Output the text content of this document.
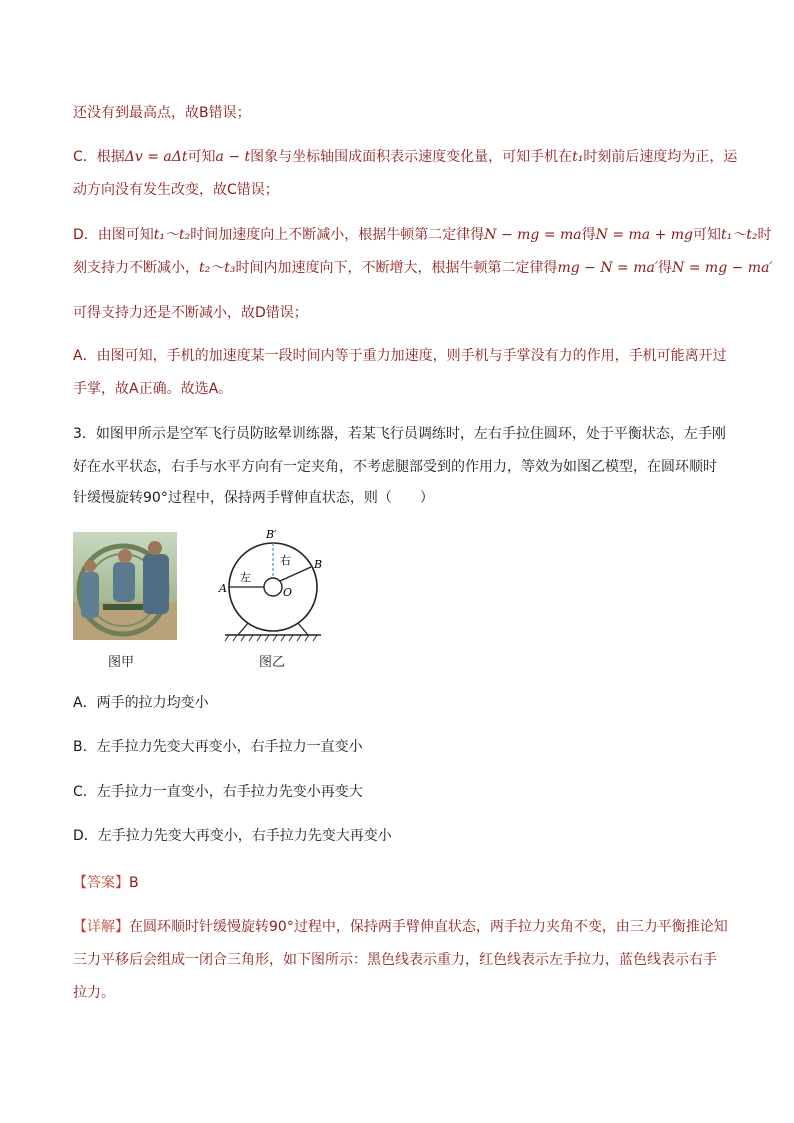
还没有到最高点，故B错误；
C．根据Δv = aΔt可知a − t图象与坐标轴围成面积表示速度变化量，可知手机在t₁时刻前后速度均为正，运
动方向没有发生改变，故C错误；
D．由图可知t₁～t₂时间加速度向上不断减小，根据牛顿第二定律得N − mg = ma得N = ma + mg可知t₁～t₂时
刻支持力不断减小，t₂～t₃时间内加速度向下，不断增大，根据牛顿第二定律得mg − N = ma′得N = mg − ma′
可得支持力还是不断减小，故D错误；
A．由图可知，手机的加速度某一段时间内等于重力加速度，则手机与手掌没有力的作用，手机可能离开过
手掌，故A正确。故选A。
3．如图甲所示是空军飞行员防眩晕训练器，若某飞行员调练时，左右手拉住圆环，处于平衡状态，左手刚
好在水平状态，右手与水平方向有一定夹角，不考虑腿部受到的作用力，等效为如图乙模型，在圆环顺时
针缓慢旋转90°过程中，保持两手臂伸直状态，则（　　）
A
B
B′
O
左
右
图甲	图乙
A．两手的拉力均变小
B．左手拉力先变大再变小，右手拉力一直变小
C．左手拉力一直变小，右手拉力先变小再变大
D．左手拉力先变大再变小，右手拉力先变大再变小
【答案】B
【详解】在圆环顺时针缓慢旋转90°过程中，保持两手臂伸直状态，两手拉力夹角不变，由三力平衡推论知
三力平移后会组成一闭合三角形，如下图所示：黑色线表示重力，红色线表示左手拉力，蓝色线表示右手
拉力。
